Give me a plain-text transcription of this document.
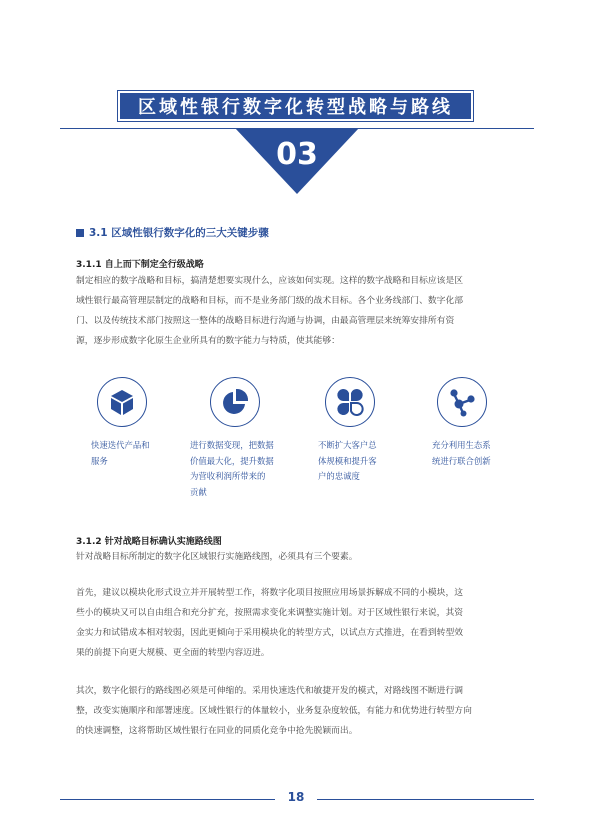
区域性银行数字化转型战略与路线
03
3.1 区域性银行数字化的三大关键步骤
3.1.1 自上而下制定全行级战略
制定相应的数字战略和目标，搞清楚想要实现什么，应该如何实现。这样的数字战略和目标应该是区
域性银行最高管理层制定的战略和目标，而不是业务部门级的战术目标。各个业务线部门、数字化部
门、以及传统技术部门按照这一整体的战略目标进行沟通与协调，由最高管理层来统筹安排所有资
源，逐步形成数字化原生企业所具有的数字能力与特质，使其能够：
快速迭代产品和
服务
进行数据变现，把数据
价值最大化，提升数据
为营收利润所带来的
贡献
不断扩大客户总
体规模和提升客
户的忠诚度
充分利用生态系
统进行联合创新
3.1.2 针对战略目标确认实施路线图
针对战略目标所制定的数字化区域银行实施路线图，必须具有三个要素。
首先，建议以模块化形式设立并开展转型工作，将数字化项目按照应用场景拆解成不同的小模块，这
些小的模块又可以自由组合和充分扩充，按照需求变化来调整实施计划。对于区域性银行来说，其资
金实力和试错成本相对较弱，因此更倾向于采用模块化的转型方式，以试点方式推进，在看到转型效
果的前提下向更大规模、更全面的转型内容迈进。
其次，数字化银行的路线图必须是可伸缩的。采用快速迭代和敏捷开发的模式，对路线图不断进行调
整，改变实施顺序和部署速度。区域性银行的体量较小，业务复杂度较低，有能力和优势进行转型方向
的快速调整，这将帮助区域性银行在同业的同质化竞争中抢先脱颖而出。
18
